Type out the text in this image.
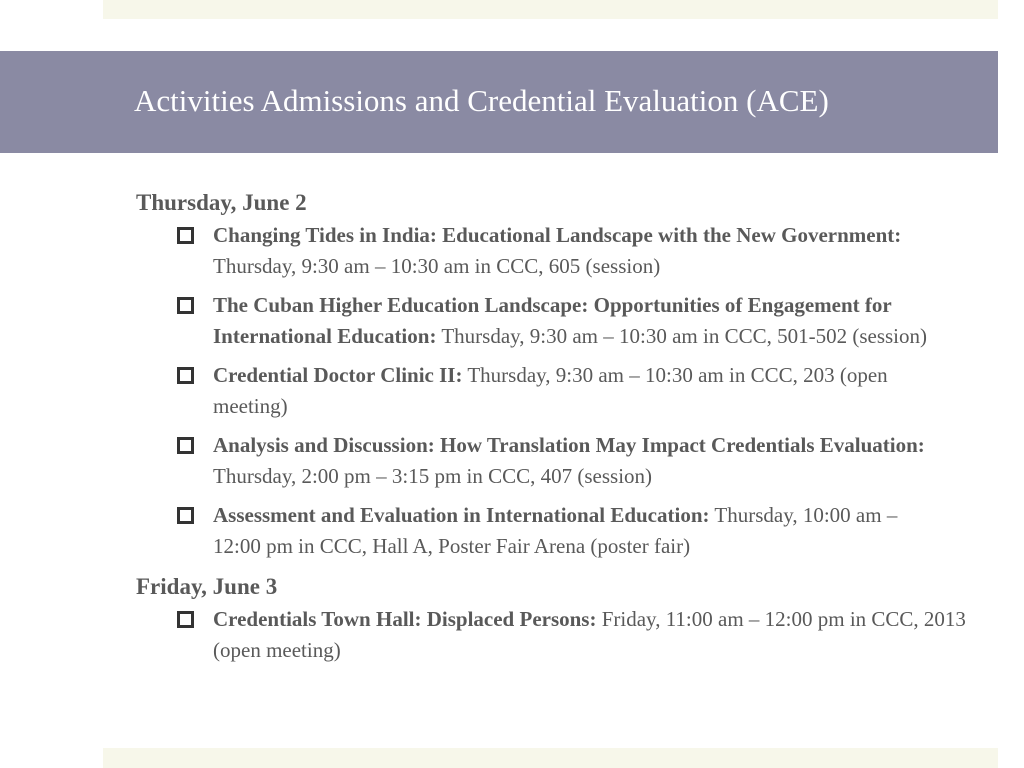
Activities Admissions and Credential Evaluation (ACE)
Thursday, June 2
Changing Tides in India: Educational Landscape with the New Government: Thursday, 9:30 am – 10:30 am in CCC, 605 (session)
The Cuban Higher Education Landscape: Opportunities of Engagement for International Education: Thursday, 9:30 am – 10:30 am in CCC, 501-502 (session)
Credential Doctor Clinic II: Thursday, 9:30 am – 10:30 am in CCC, 203 (open meeting)
Analysis and Discussion: How Translation May Impact Credentials Evaluation: Thursday, 2:00 pm – 3:15 pm in CCC, 407 (session)
Assessment and Evaluation in International Education: Thursday, 10:00 am – 12:00 pm in CCC, Hall A, Poster Fair Arena (poster fair)
Friday, June 3
Credentials Town Hall: Displaced Persons: Friday, 11:00 am – 12:00 pm in CCC, 2013 (open meeting)
